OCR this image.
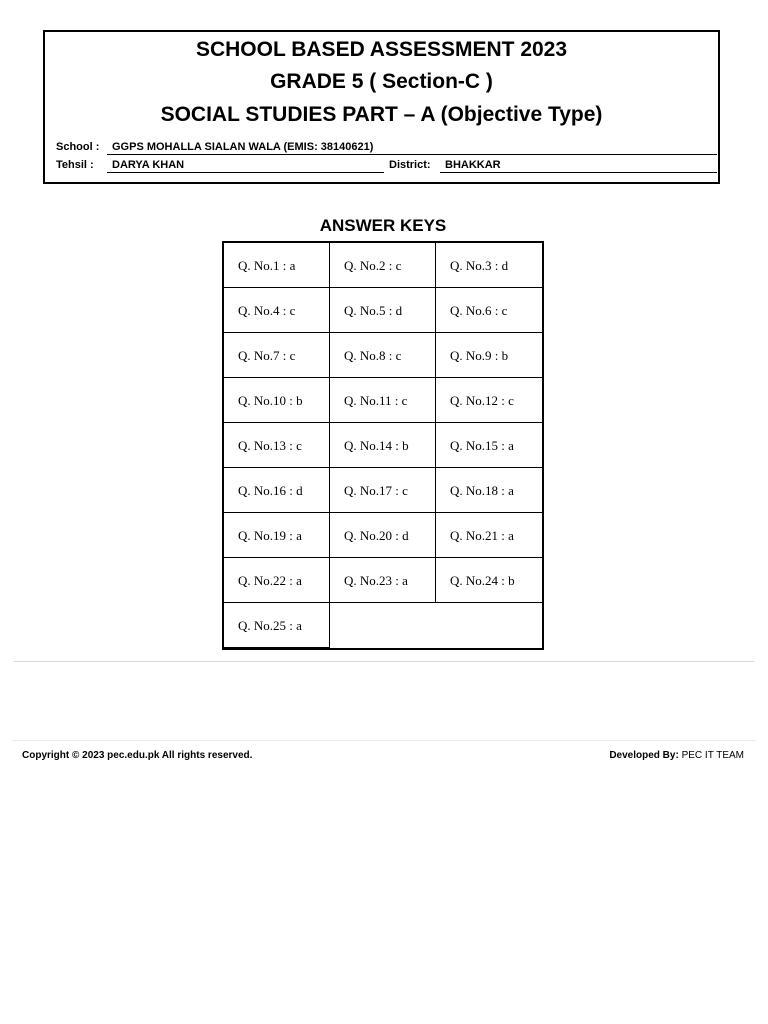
SCHOOL BASED ASSESSMENT 2023
GRADE 5 ( Section-C )
SOCIAL STUDIES PART – A (Objective Type)
School :	GGPS MOHALLA SIALAN WALA (EMIS: 38140621)
Tehsil :	DARYA KHAN	District:	BHAKKAR
ANSWER KEYS
Q. No.1 : a	Q. No.2 : c	Q. No.3 : d
Q. No.4 : c	Q. No.5 : d	Q. No.6 : c
Q. No.7 : c	Q. No.8 : c	Q. No.9 : b
Q. No.10 : b	Q. No.11 : c	Q. No.12 : c
Q. No.13 : c	Q. No.14 : b	Q. No.15 : a
Q. No.16 : d	Q. No.17 : c	Q. No.18 : a
Q. No.19 : a	Q. No.20 : d	Q. No.21 : a
Q. No.22 : a	Q. No.23 : a	Q. No.24 : b
Q. No.25 : a
Copyright © 2023 pec.edu.pk All rights reserved.	Developed By: PEC IT TEAM
